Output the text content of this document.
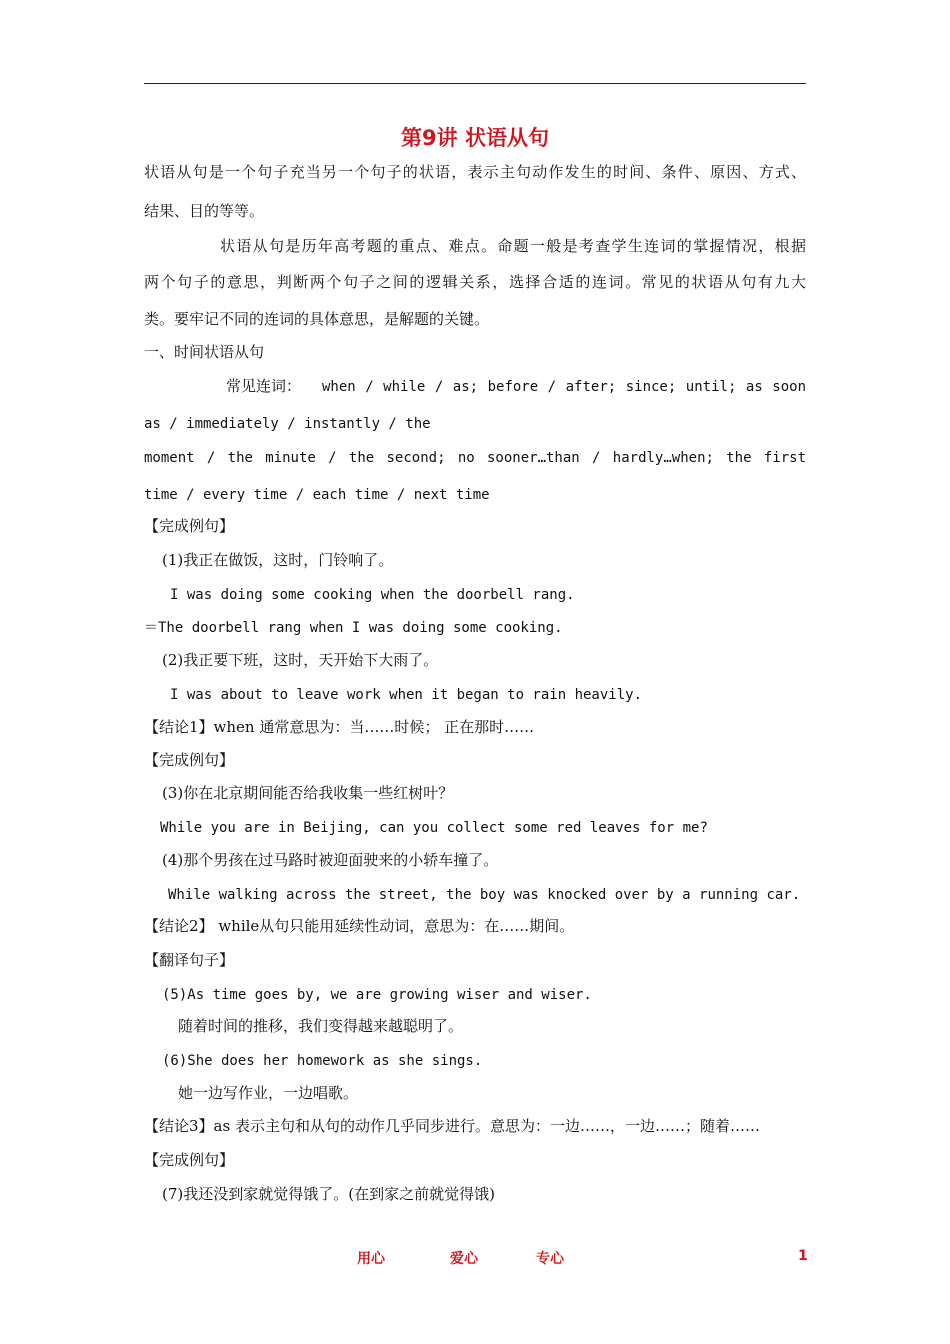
第9讲 状语从句
状语从句是一个句子充当另一个句子的状语，表示主句动作发生的时间、条件、原因、方式、
结果、目的等等。
状语从句是历年高考题的重点、难点。命题一般是考查学生连词的掌握情况，根据
两个句子的意思，判断两个句子之间的逻辑关系，选择合适的连词。常见的状语从句有九大
类。要牢记不同的连词的具体意思，是解题的关键。
一、时间状语从句
常见连词： when / while / as; before / after; since; until; as soon
as / immediately / instantly / the
moment / the minute / the second; no sooner…than / hardly…when; the first
time / every time / each time / next time
【完成例句】
(1)我正在做饭，这时，门铃响了。
I was doing some cooking when the doorbell rang.
＝The doorbell rang when I was doing some cooking.
(2)我正要下班，这时，天开始下大雨了。
I was about to leave work when it began to rain heavily.
【结论1】when 通常意思为：当……时候； 正在那时……
【完成例句】
(3)你在北京期间能否给我收集一些红树叶？
While you are in Beijing, can you collect some red leaves for me?
(4)那个男孩在过马路时被迎面驶来的小轿车撞了。
While walking across the street, the boy was knocked over by a running car.
【结论2】 while从句只能用延续性动词，意思为：在……期间。
【翻译句子】
(5)As time goes by, we are growing wiser and wiser.
随着时间的推移，我们变得越来越聪明了。
(6)She does her homework as she sings.
她一边写作业，一边唱歌。
【结论3】as 表示主句和从句的动作几乎同步进行。意思为：一边……，一边……；随着……
【完成例句】
(7)我还没到家就觉得饿了。(在到家之前就觉得饿)
用心	爱心	专心	1
